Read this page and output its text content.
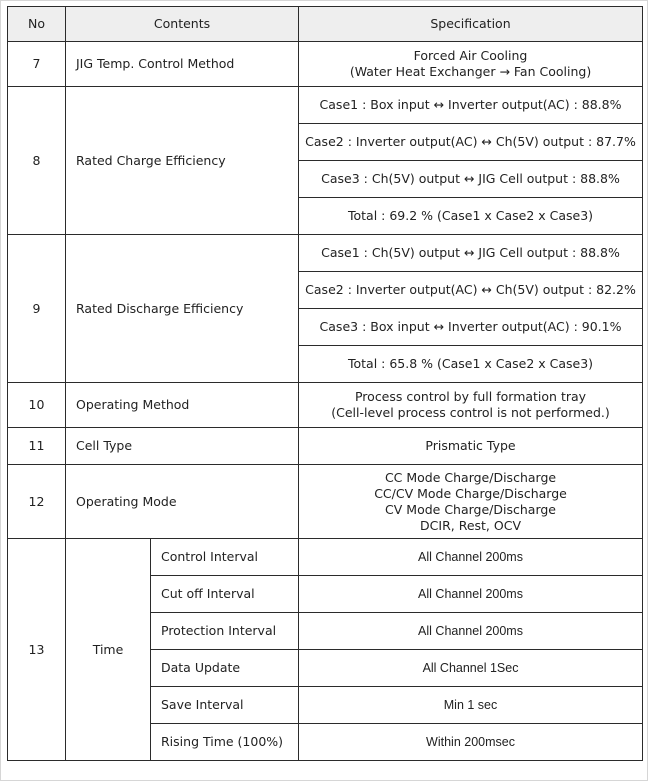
No	Contents		Specification
7	JIG Temp. Control Method		Forced Air Cooling
(Water Heat Exchanger → Fan Cooling)

8	Rated Charge Efficiency		Case1 : Box input ↔ Inverter output(AC) : 88.8%
			Case2 : Inverter output(AC) ↔ Ch(5V) output : 87.7%
			Case3 : Ch(5V) output ↔ JIG Cell output : 88.8%
			Total : 69.2 % (Case1 x Case2 x Case3)
9	Rated Discharge Efficiency		Case1 : Ch(5V) output ↔ JIG Cell output : 88.8%
			Case2 : Inverter output(AC) ↔ Ch(5V) output : 82.2%
			Case3 : Box input ↔ Inverter output(AC) : 90.1%
			Total : 65.8 % (Case1 x Case2 x Case3)
10	Operating Method		Process control by full formation tray
(Cell-level process control is not performed.)

11	Cell Type		Prismatic Type
12	Operating Mode		CC Mode Charge/Discharge
CC/CV Mode Charge/Discharge
CV Mode Charge/Discharge
DCIR, Rest, OCV

13	Time	Control Interval	All Channel 200ms
		Cut off Interval	All Channel 200ms
		Protection Interval	All Channel 200ms
		Data Update	All Channel 1Sec
		Save Interval	Min 1 sec
		Rising Time (100%)	Within 200msec
